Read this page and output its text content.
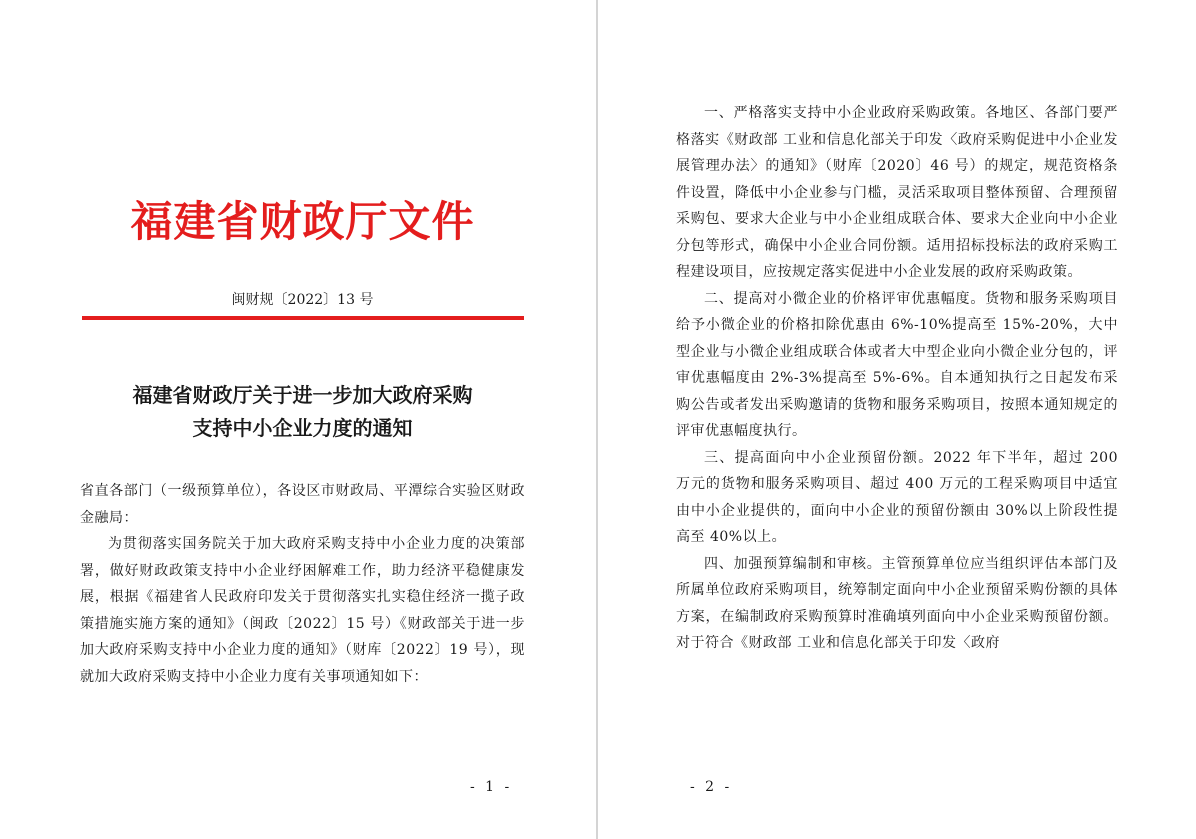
福建省财政厅文件
闽财规〔2022〕13 号
福建省财政厅关于进一步加大政府采购
支持中小企业力度的通知

省直各部门（一级预算单位），各设区市财政局、平潭综合实验区财政金融局：

为贯彻落实国务院关于加大政府采购支持中小企业力度的决策部署，做好财政政策支持中小企业纾困解难工作，助力经济平稳健康发展，根据《福建省人民政府印发关于贯彻落实扎实稳住经济一揽子政策措施实施方案的通知》（闽政〔2022〕15 号）《财政部关于进一步加大政府采购支持中小企业力度的通知》（财库〔2022〕19 号），现就加大政府采购支持中小企业力度有关事项通知如下：

- 1 -

一、严格落实支持中小企业政府采购政策。各地区、各部门要严格落实《财政部 工业和信息化部关于印发〈政府采购促进中小企业发展管理办法〉的通知》（财库〔2020〕46 号）的规定，规范资格条件设置，降低中小企业参与门槛，灵活采取项目整体预留、合理预留采购包、要求大企业与中小企业组成联合体、要求大企业向中小企业分包等形式，确保中小企业合同份额。适用招标投标法的政府采购工程建设项目，应按规定落实促进中小企业发展的政府采购政策。

二、提高对小微企业的价格评审优惠幅度。货物和服务采购项目给予小微企业的价格扣除优惠由 6%-10%提高至 15%-20%，大中型企业与小微企业组成联合体或者大中型企业向小微企业分包的，评审优惠幅度由 2%-3%提高至 5%-6%。自本通知执行之日起发布采购公告或者发出采购邀请的货物和服务采购项目，按照本通知规定的评审优惠幅度执行。

三、提高面向中小企业预留份额。2022 年下半年，超过 200 万元的货物和服务采购项目、超过 400 万元的工程采购项目中适宜由中小企业提供的，面向中小企业的预留份额由 30%以上阶段性提高至 40%以上。

四、加强预算编制和审核。主管预算单位应当组织评估本部门及所属单位政府采购项目，统筹制定面向中小企业预留采购份额的具体方案，在编制政府采购预算时准确填列面向中小企业采购预留份额。对于符合《财政部 工业和信息化部关于印发〈政府

- 2 -
